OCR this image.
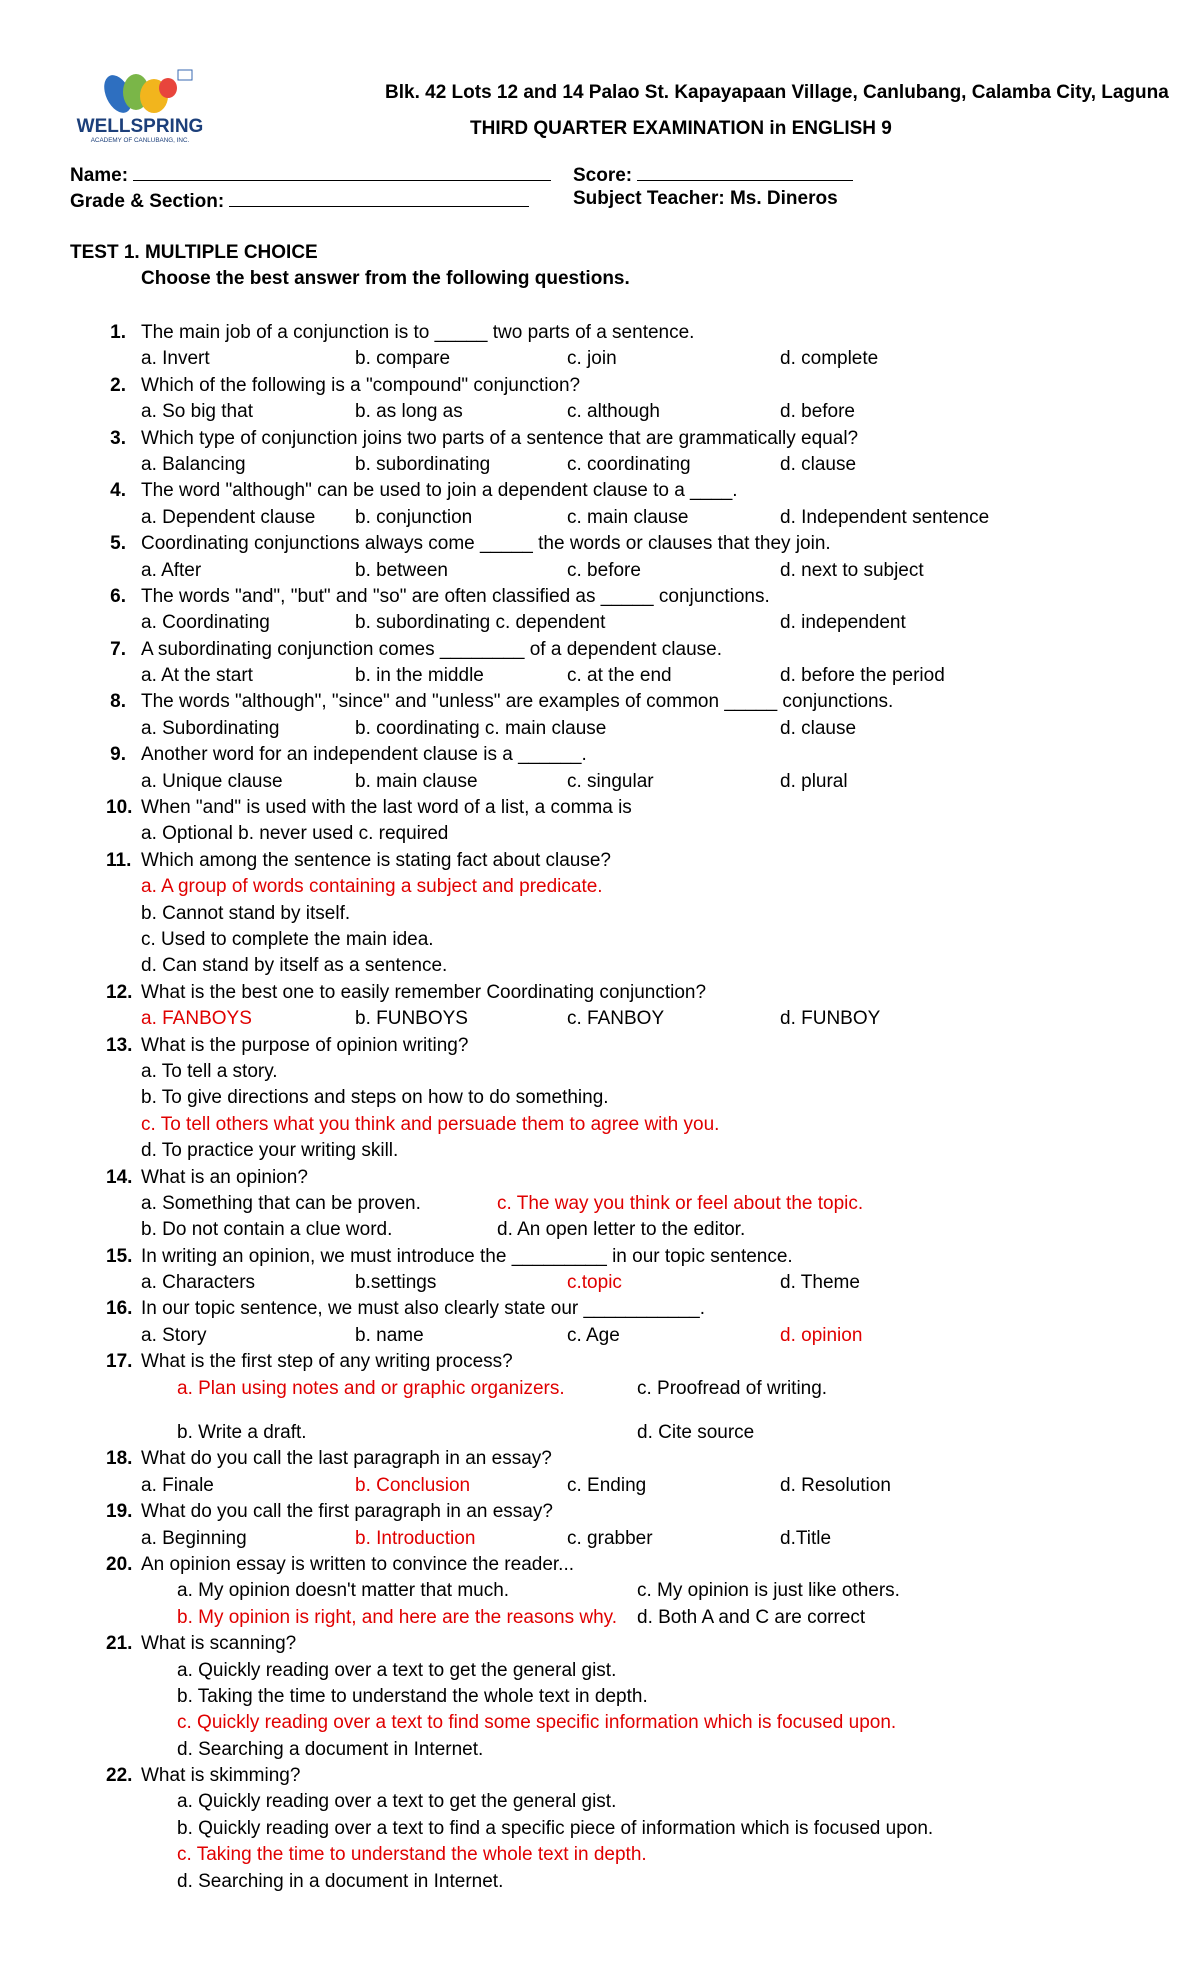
WELLSPRING
ACADEMY OF CANLUBANG, INC.
Blk. 42 Lots 12 and 14 Palao St. Kapayapaan Village, Canlubang, Calamba City, Laguna
THIRD QUARTER EXAMINATION in ENGLISH 9
Name:	Score:
Grade & Section:	Subject Teacher: Ms. Dineros
TEST 1. MULTIPLE CHOICE
Choose the best answer from the following questions.
1. The main job of a conjunction is to _____ two parts of a sentence.
a. Invert	b. compare	c. join	d. complete
2. Which of the following is a "compound" conjunction?
a. So big that	b. as long as	c. although	d. before
3. Which type of conjunction joins two parts of a sentence that are grammatically equal?
a. Balancing	b. subordinating	c. coordinating	d. clause
4. The word "although" can be used to join a dependent clause to a ____.
a. Dependent clause b. conjunction	c. main clause	d. Independent sentence
5. Coordinating conjunctions always come _____ the words or clauses that they join.
a. After	b. between	c. before	d. next to subject
6. The words "and", "but" and "so" are often classified as _____ conjunctions.
a. Coordinating	b. subordinating c. dependent	d. independent
7. A subordinating conjunction comes ________ of a dependent clause.
a. At the start	b. in the middle	c. at the end	d. before the period
8. The words "although", "since" and "unless" are examples of common _____ conjunctions.
a. Subordinating	b. coordinating c. main clause	d. clause
9. Another word for an independent clause is a ______.
a. Unique clause	b. main clause	c. singular	d. plural
10. When "and" is used with the last word of a list, a comma is
a. Optional b. never used c. required
11. Which among the sentence is stating fact about clause?
a. A group of words containing a subject and predicate.
b. Cannot stand by itself.
c. Used to complete the main idea.
d. Can stand by itself as a sentence.
12. What is the best one to easily remember Coordinating conjunction?
a. FANBOYS	b. FUNBOYS	c. FANBOY	d. FUNBOY
13. What is the purpose of opinion writing?
a. To tell a story.
b. To give directions and steps on how to do something.
c. To tell others what you think and persuade them to agree with you.
d. To practice your writing skill.
14. What is an opinion?
a. Something that can be proven.	c. The way you think or feel about the topic.
b. Do not contain a clue word.	d. An open letter to the editor.
15. In writing an opinion, we must introduce the _________ in our topic sentence.
a. Characters	b.settings	c.topic	d. Theme
16. In our topic sentence, we must also clearly state our ___________.
a. Story	b. name	c. Age	d. opinion
17. What is the first step of any writing process?
a. Plan using notes and or graphic organizers.	c. Proofread of writing.
b. Write a draft.	d. Cite source
18. What do you call the last paragraph in an essay?
a. Finale	b. Conclusion	c. Ending	d. Resolution
19. What do you call the first paragraph in an essay?
a. Beginning	b. Introduction	c. grabber	d.Title
20. An opinion essay is written to convince the reader...
a. My opinion doesn't matter that much.	c. My opinion is just like others.
b. My opinion is right, and here are the reasons why. d. Both A and C are correct
21. What is scanning?
a. Quickly reading over a text to get the general gist.
b. Taking the time to understand the whole text in depth.
c. Quickly reading over a text to find some specific information which is focused upon.
d. Searching a document in Internet.
22. What is skimming?
a. Quickly reading over a text to get the general gist.
b. Quickly reading over a text to find a specific piece of information which is focused upon.
c. Taking the time to understand the whole text in depth.
d. Searching in a document in Internet.
